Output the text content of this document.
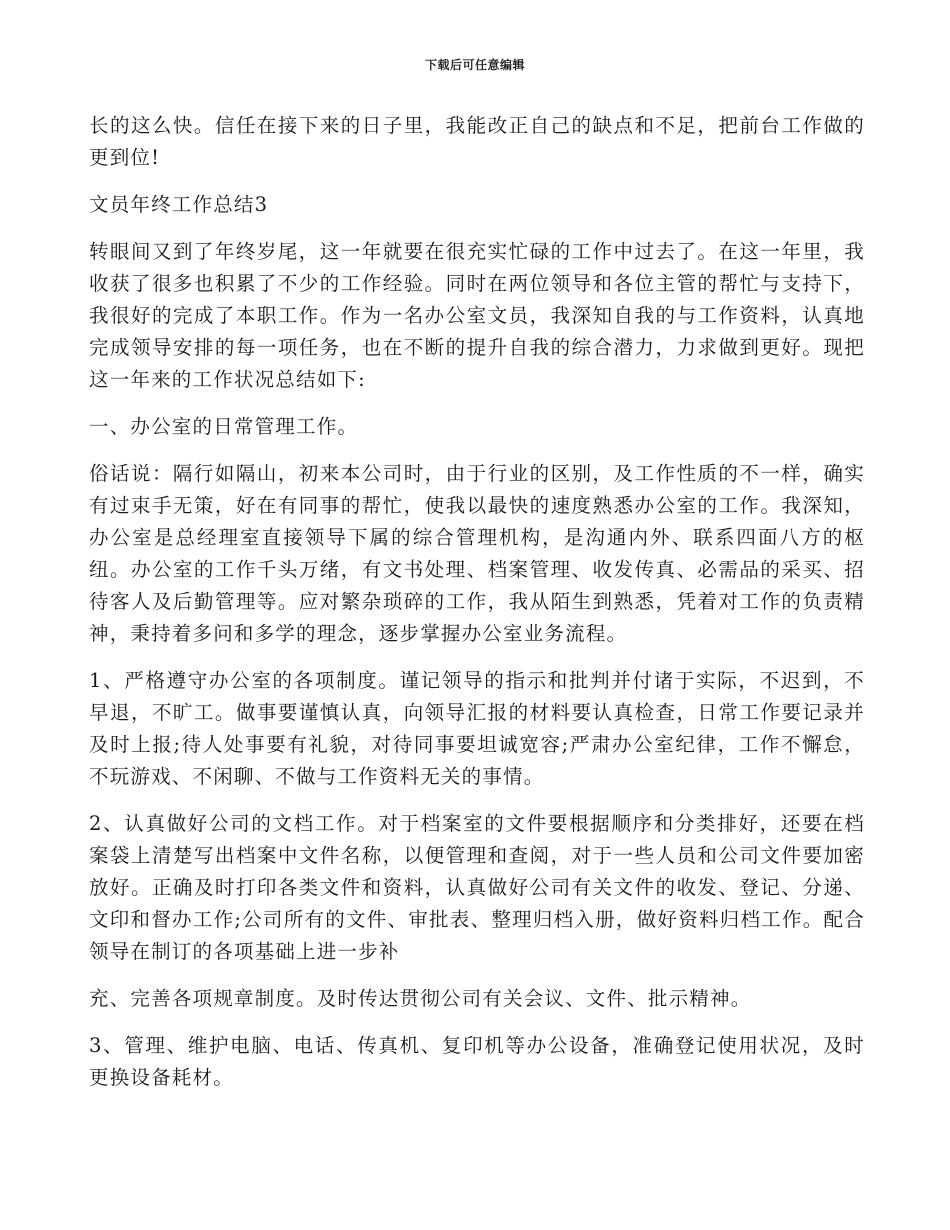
下载后可任意编辑

长的这么快。信任在接下来的日子里，我能改正自己的缺点和不足，把前台工作做的更到位!

文员年终工作总结3

转眼间又到了年终岁尾，这一年就要在很充实忙碌的工作中过去了。在这一年里，我收获了很多也积累了不少的工作经验。同时在两位领导和各位主管的帮忙与支持下，我很好的完成了本职工作。作为一名办公室文员，我深知自我的与工作资料，认真地完成领导安排的每一项任务，也在不断的提升自我的综合潜力，力求做到更好。现把这一年来的工作状况总结如下:

一、办公室的日常管理工作。

俗话说：隔行如隔山，初来本公司时，由于行业的区别，及工作性质的不一样，确实有过束手无策，好在有同事的帮忙，使我以最快的速度熟悉办公室的工作。我深知，办公室是总经理室直接领导下属的综合管理机构，是沟通内外、联系四面八方的枢纽。办公室的工作千头万绪，有文书处理、档案管理、收发传真、必需品的采买、招待客人及后勤管理等。应对繁杂琐碎的工作，我从陌生到熟悉，凭着对工作的负责精神，秉持着多问和多学的理念，逐步掌握办公室业务流程。

1、严格遵守办公室的各项制度。谨记领导的指示和批判并付诸于实际，不迟到，不早退，不旷工。做事要谨慎认真，向领导汇报的材料要认真检查，日常工作要记录并及时上报;待人处事要有礼貌，对待同事要坦诚宽容;严肃办公室纪律，工作不懈怠，不玩游戏、不闲聊、不做与工作资料无关的事情。

2、认真做好公司的文档工作。对于档案室的文件要根据顺序和分类排好，还要在档案袋上清楚写出档案中文件名称，以便管理和查阅，对于一些人员和公司文件要加密放好。正确及时打印各类文件和资料，认真做好公司有关文件的收发、登记、分递、文印和督办工作;公司所有的文件、审批表、整理归档入册，做好资料归档工作。配合领导在制订的各项基础上进一步补

充、完善各项规章制度。及时传达贯彻公司有关会议、文件、批示精神。

3、管理、维护电脑、电话、传真机、复印机等办公设备，准确登记使用状况，及时更换设备耗材。
